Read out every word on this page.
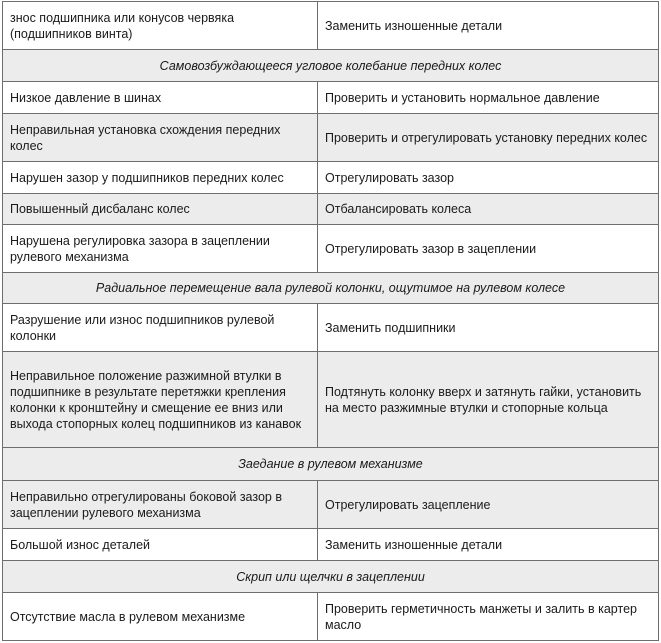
знос подшипника или конусов червяка (подшипников винта)	Заменить изношенные детали
Самовозбуждающееся угловое колебание передних колес	
Низкое давление в шинах	Проверить и установить нормальное давление
Неправильная установка схождения передних колес	Проверить и отрегулировать установку передних колес
Нарушен зазор у подшипников передних колес	Отрегулировать зазор
Повышенный дисбаланс колес	Отбалансировать колеса
Нарушена регулировка зазора в зацеплении рулевого механизма	Отрегулировать зазор в зацеплении
Радиальное перемещение вала рулевой колонки, ощутимое на рулевом колесе	
Разрушение или износ подшипников рулевой колонки	Заменить подшипники
Неправильное положение разжимной втулки в подшипнике в результате перетяжки крепления колонки к кронштейну и смещение ее вниз или выхода стопорных колец подшипников из канавок	Подтянуть колонку вверх и затянуть гайки, установить на место разжимные втулки и стопорные кольца
Заедание в рулевом механизме	
Неправильно отрегулированы боковой зазор в зацеплении рулевого механизма	Отрегулировать зацепление
Большой износ деталей	Заменить изношенные детали
Скрип или щелчки в зацеплении	
Отсутствие масла в рулевом механизме	Проверить герметичность манжеты и залить в картер масло
